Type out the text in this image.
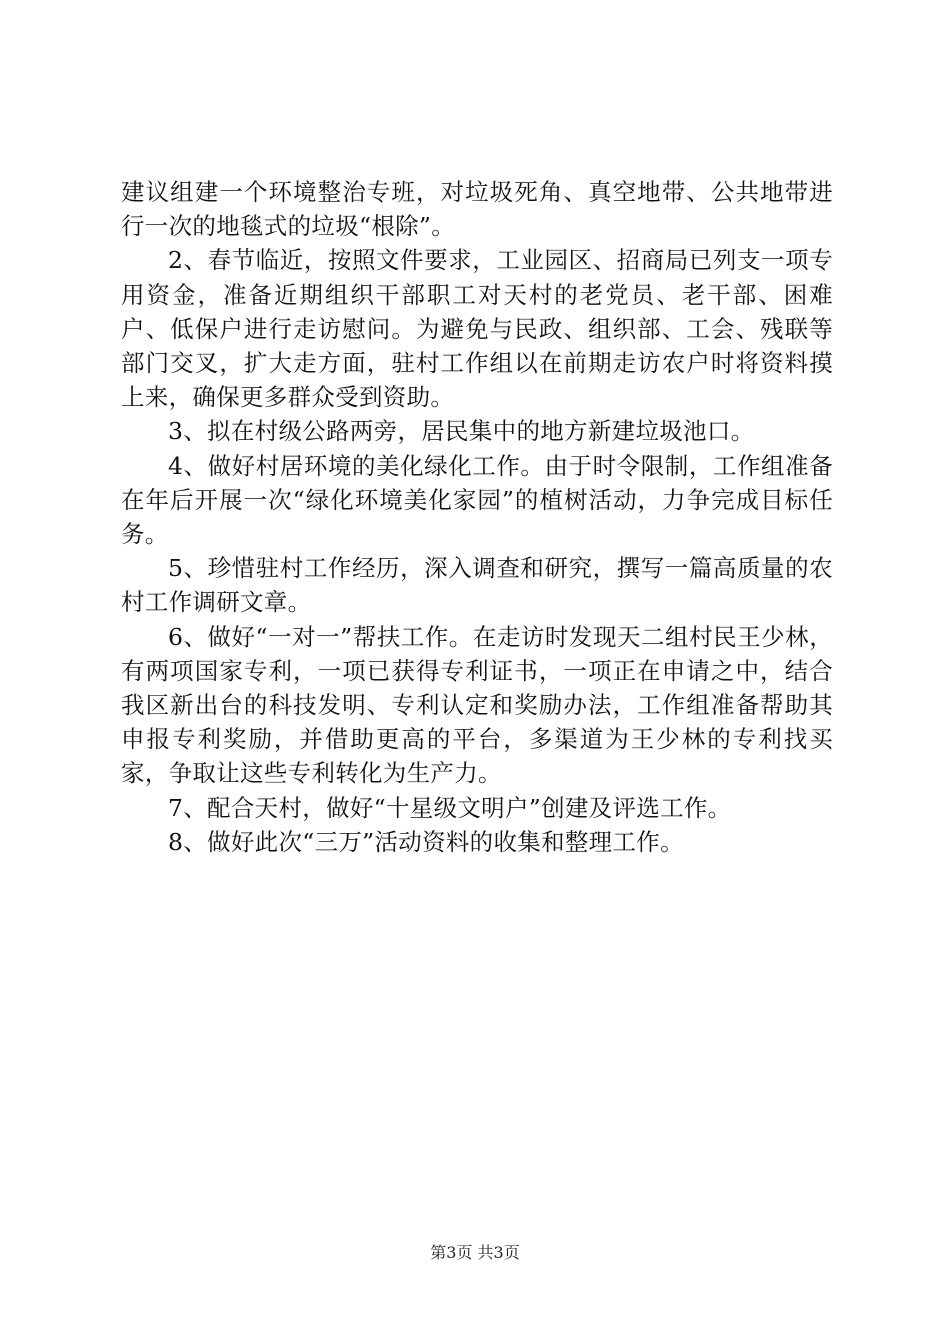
建议组建一个环境整治专班，对垃圾死角、真空地带、公共地带进行一次的地毯式的垃圾“根除”。

2、春节临近，按照文件要求，工业园区、招商局已列支一项专用资金，准备近期组织干部职工对天村的老党员、老干部、困难户、低保户进行走访慰问。为避免与民政、组织部、工会、残联等部门交叉，扩大走方面，驻村工作组以在前期走访农户时将资料摸上来，确保更多群众受到资助。

3、拟在村级公路两旁，居民集中的地方新建垃圾池口。

4、做好村居环境的美化绿化工作。由于时令限制，工作组准备在年后开展一次“绿化环境美化家园”的植树活动，力争完成目标任务。

5、珍惜驻村工作经历，深入调查和研究，撰写一篇高质量的农村工作调研文章。

6、做好“一对一”帮扶工作。在走访时发现天二组村民王少林，有两项国家专利，一项已获得专利证书，一项正在申请之中，结合我区新出台的科技发明、专利认定和奖励办法，工作组准备帮助其申报专利奖励，并借助更高的平台，多渠道为王少林的专利找买家，争取让这些专利转化为生产力。

7、配合天村，做好“十星级文明户”创建及评选工作。

8、做好此次“三万”活动资料的收集和整理工作。

第3页 共3页
